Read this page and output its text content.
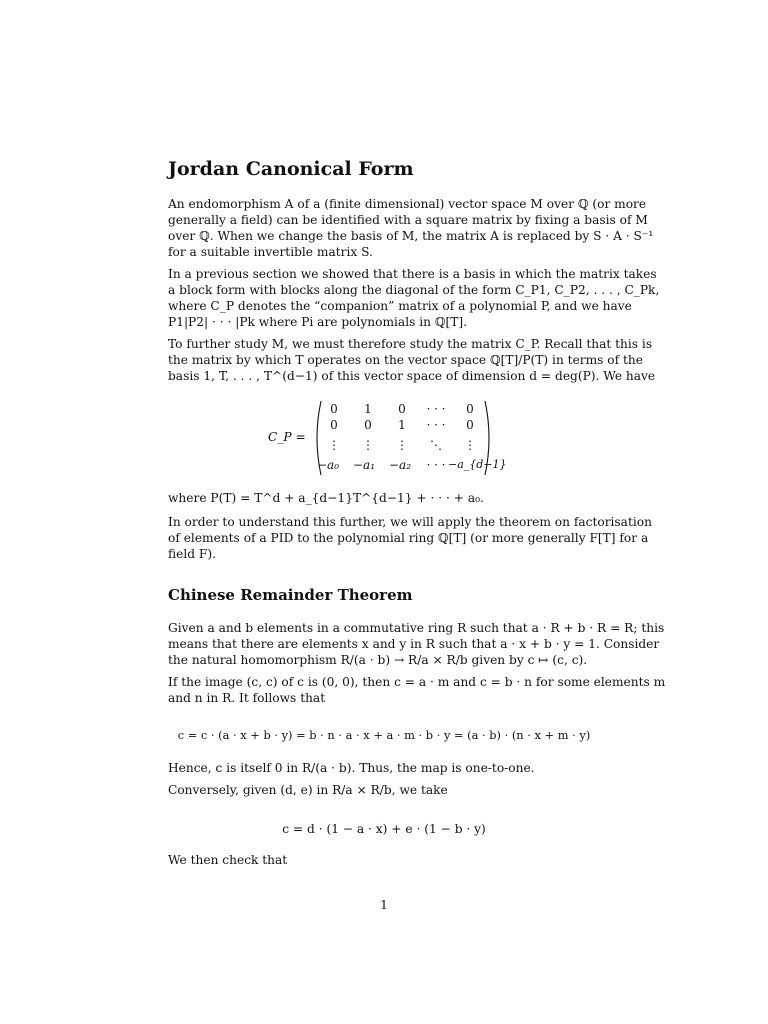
Jordan Canonical Form
An endomorphism A of a (finite dimensional) vector space M over ℚ (or more
generally a field) can be identified with a square matrix by fixing a basis of M
over ℚ. When we change the basis of M, the matrix A is replaced by S · A · S⁻¹
for a suitable invertible matrix S.
In a previous section we showed that there is a basis in which the matrix takes
a block form with blocks along the diagonal of the form C_P1, C_P2, . . . , C_Pk,
where C_P denotes the “companion” matrix of a polynomial P, and we have
P1|P2| · · · |Pk where Pi are polynomials in ℚ[T].
To further study M, we must therefore study the matrix C_P. Recall that this is
the matrix by which T operates on the vector space ℚ[T]/P(T) in terms of the
basis 1, T, . . . , T^(d−1) of this vector space of dimension d = deg(P). We have
C_P =
0	1	0	· · ·	0
0	0	1	· · ·	0
⋮	⋮	⋮	⋱	⋮
−a₀	−a₁	−a₂	· · · −a_{d−1}
where P(T) = T^d + a_{d−1}T^{d−1} + · · · + a₀.
In order to understand this further, we will apply the theorem on factorisation
of elements of a PID to the polynomial ring ℚ[T] (or more generally F[T] for a
field F).
Chinese Remainder Theorem
Given a and b elements in a commutative ring R such that a · R + b · R = R; this
means that there are elements x and y in R such that a · x + b · y = 1. Consider
the natural homomorphism R/(a · b) → R/a × R/b given by c ↦ (c, c).
If the image (c, c) of c is (0, 0), then c = a · m and c = b · n for some elements m
and n in R. It follows that
c = c · (a · x + b · y) = b · n · a · x + a · m · b · y = (a · b) · (n · x + m · y)
Hence, c is itself 0 in R/(a · b). Thus, the map is one-to-one.
Conversely, given (d, e) in R/a × R/b, we take
c = d · (1 − a · x) + e · (1 − b · y)
We then check that
1
